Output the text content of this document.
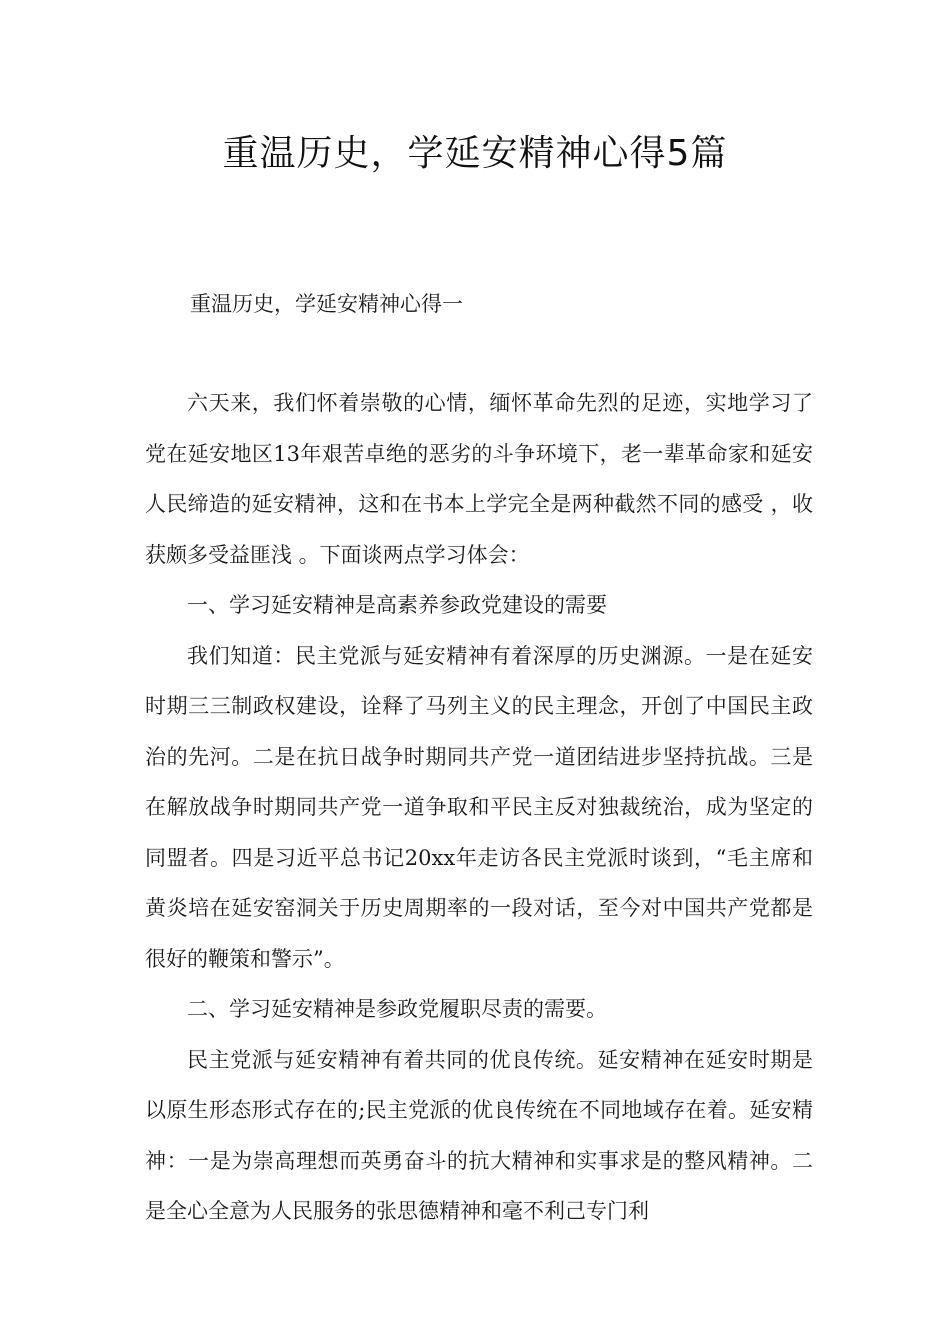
重温历史，学延安精神心得5篇
重温历史，学延安精神心得一

六天来，我们怀着崇敬的心情，缅怀革命先烈的足迹，实地学习了党在延安地区13年艰苦卓绝的恶劣的斗争环境下，老一辈革命家和延安人民缔造的延安精神，这和在书本上学完全是两种截然不同的感受 ，收获颇多受益匪浅 。下面谈两点学习体会：

一、学习延安精神是高素养参政党建设的需要

我们知道：民主党派与延安精神有着深厚的历史渊源。一是在延安时期三三制政权建设，诠释了马列主义的民主理念，开创了中国民主政治的先河。二是在抗日战争时期同共产党一道团结进步坚持抗战。三是在解放战争时期同共产党一道争取和平民主反对独裁统治，成为坚定的同盟者。四是习近平总书记20xx年走访各民主党派时谈到，“毛主席和黄炎培在延安窑洞关于历史周期率的一段对话，至今对中国共产党都是很好的鞭策和警示”。

二、学习延安精神是参政党履职尽责的需要。

民主党派与延安精神有着共同的优良传统。延安精神在延安时期是以原生形态形式存在的;民主党派的优良传统在不同地域存在着。延安精神：一是为崇高理想而英勇奋斗的抗大精神和实事求是的整风精神。二是全心全意为人民服务的张思德精神和毫不利己专门利
